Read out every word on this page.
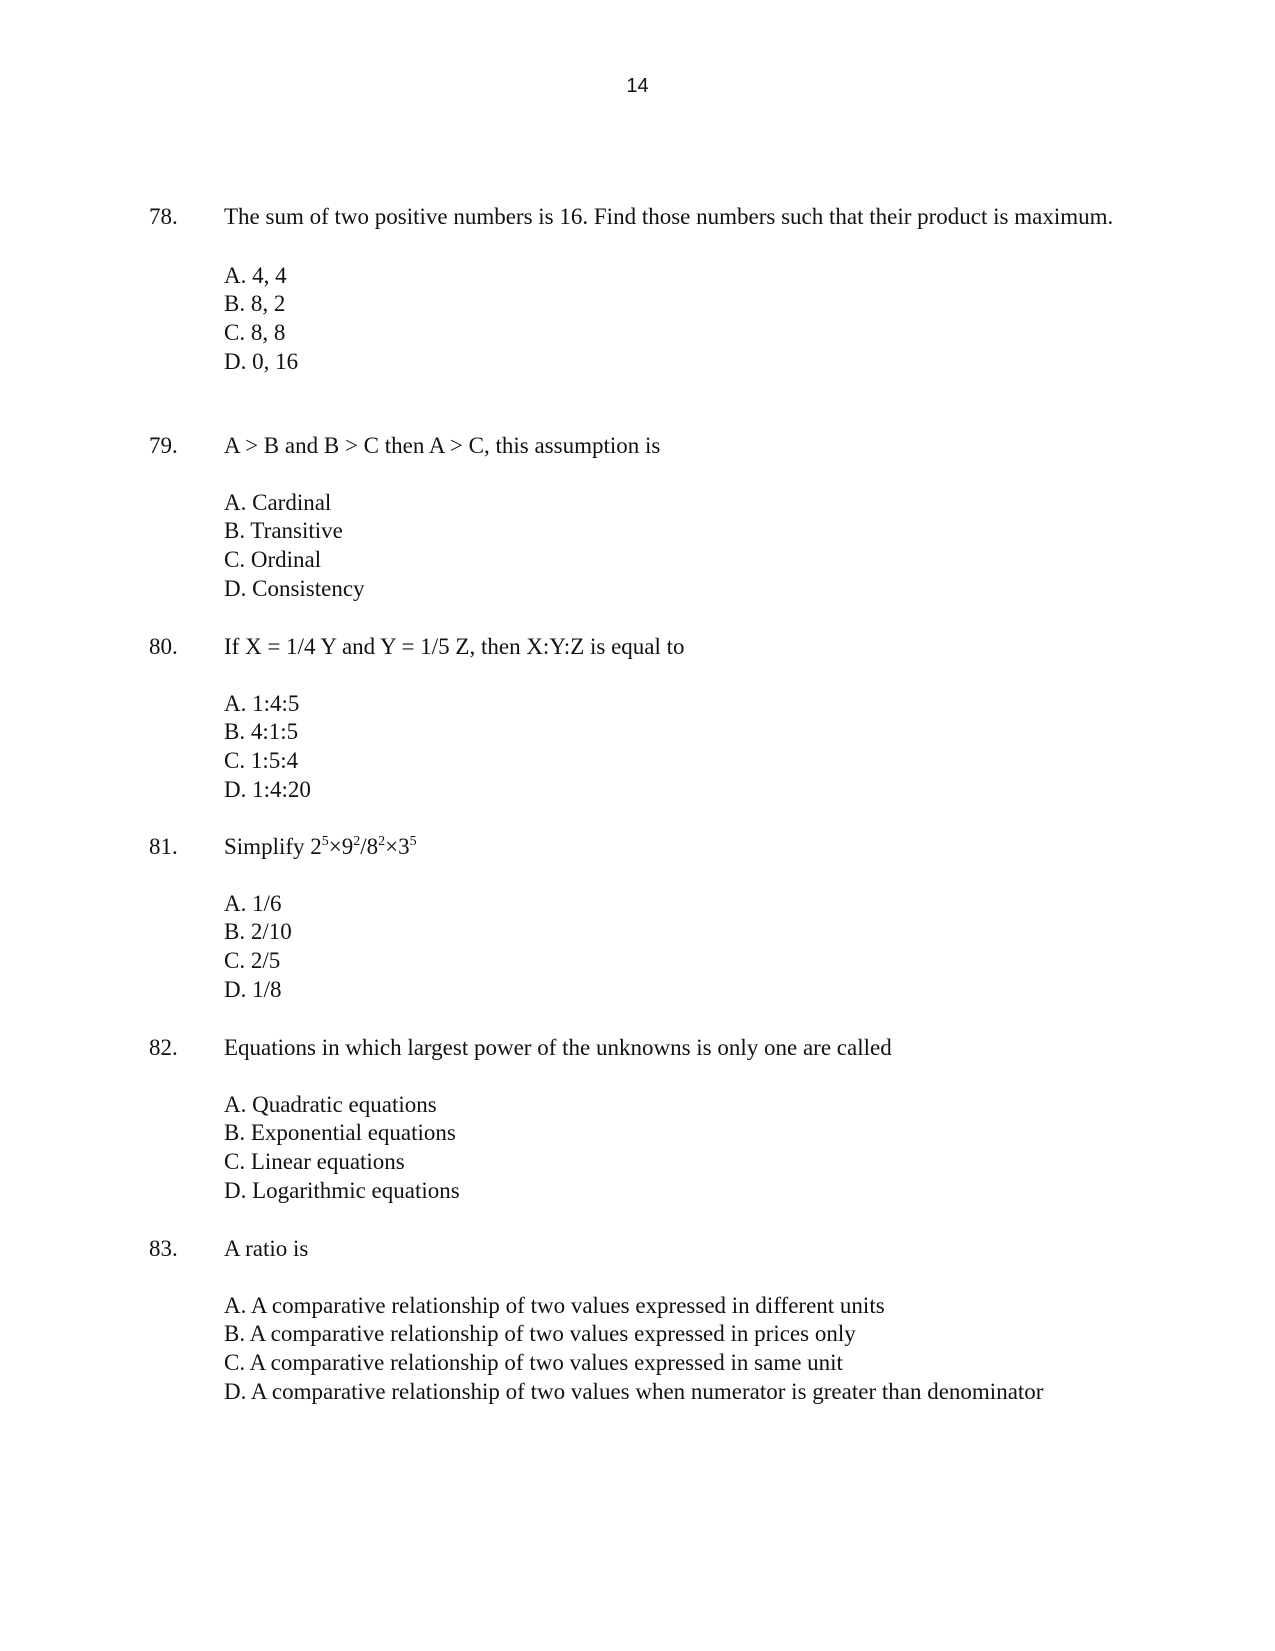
14
78. The sum of two positive numbers is 16. Find those numbers such that their product is maximum.

A. 4, 4
B. 8, 2
C. 8, 8
D. 0, 16
79. A > B and B > C then A > C, this assumption is

A. Cardinal
B. Transitive
C. Ordinal
D. Consistency
80. If X = 1/4 Y and Y = 1/5 Z, then X:Y:Z is equal to

A. 1:4:5
B. 4:1:5
C. 1:5:4
D. 1:4:20
81. Simplify $2^5\times 9^2/8^2\times 3^5$

A. 1/6
B. 2/10
C. 2/5
D. 1/8
82. Equations in which largest power of the unknowns is only one are called

A. Quadratic equations
B. Exponential equations
C. Linear equations
D. Logarithmic equations
83. A ratio is

A. A comparative relationship of two values expressed in different units
B. A comparative relationship of two values expressed in prices only
C. A comparative relationship of two values expressed in same unit
D. A comparative relationship of two values when numerator is greater than denominator
